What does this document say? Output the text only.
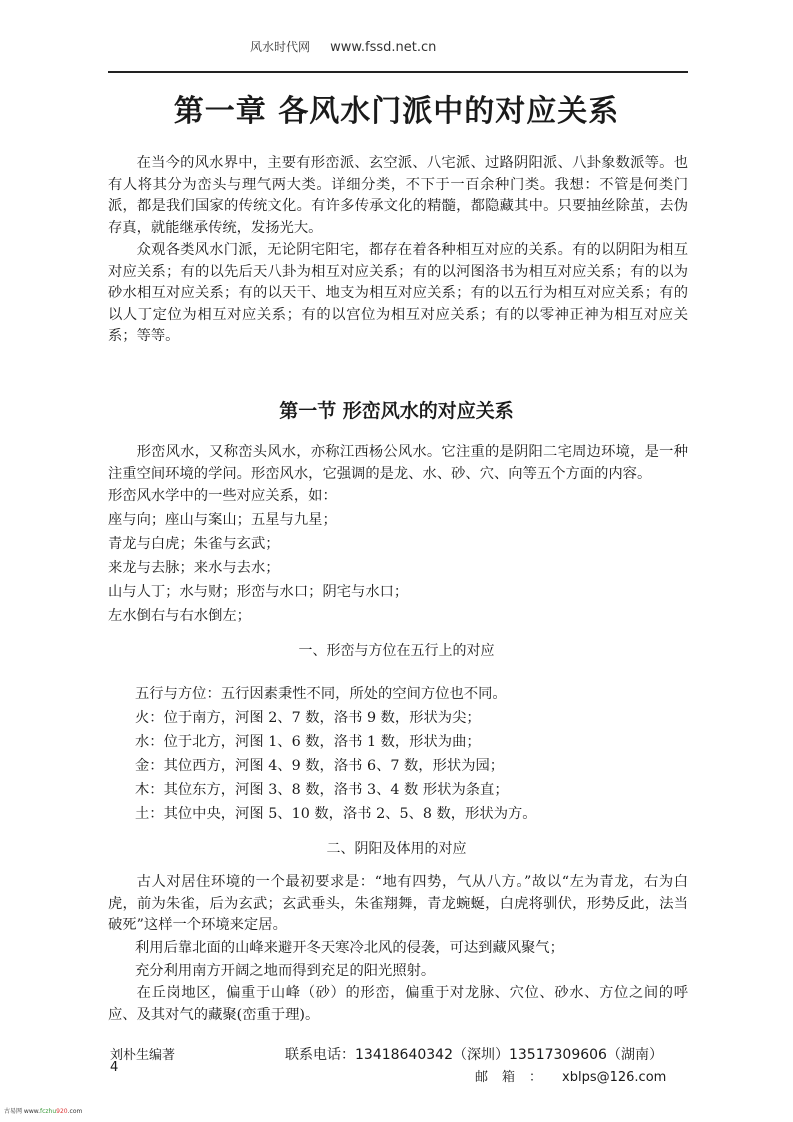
风水时代网 www.fssd.net.cn
第一章 各风水门派中的对应关系
在当今的风水界中，主要有形峦派、玄空派、八宅派、过路阴阳派、八卦象数派等。也有人将其分为峦头与理气两大类。详细分类，不下于一百余种门类。我想：不管是何类门派，都是我们国家的传统文化。有许多传承文化的精髓，都隐藏其中。只要抽丝除茧，去伪存真，就能继承传统，发扬光大。
众观各类风水门派，无论阴宅阳宅，都存在着各种相互对应的关系。有的以阴阳为相互对应关系；有的以先后天八卦为相互对应关系；有的以河图洛书为相互对应关系；有的以为砂水相互对应关系；有的以天干、地支为相互对应关系；有的以五行为相互对应关系；有的以人丁定位为相互对应关系；有的以宫位为相互对应关系；有的以零神正神为相互对应关系；等等。
第一节 形峦风水的对应关系
形峦风水，又称峦头风水，亦称江西杨公风水。它注重的是阴阳二宅周边环境，是一种注重空间环境的学问。形峦风水，它强调的是龙、水、砂、穴、向等五个方面的内容。
形峦风水学中的一些对应关系，如：
座与向；座山与案山；五星与九星；
青龙与白虎；朱雀与玄武；
来龙与去脉；来水与去水；
山与人丁；水与财；形峦与水口；阴宅与水口；
左水倒右与右水倒左；
一、形峦与方位在五行上的对应
五行与方位：五行因素秉性不同，所处的空间方位也不同。
火：位于南方，河图 2、7 数，洛书 9 数，形状为尖；
水：位于北方，河图 1、6 数，洛书 1 数，形状为曲；
金：其位西方，河图 4、9 数，洛书 6、7 数，形状为园；
木：其位东方，河图 3、8 数，洛书 3、4 数 形状为条直；
土：其位中央，河图 5、10 数，洛书 2、5、8 数，形状为方。
二、阴阳及体用的对应
古人对居住环境的一个最初要求是：“地有四势，气从八方。”故以“左为青龙，右为白虎，前为朱雀，后为玄武；玄武垂头，朱雀翔舞，青龙蜿蜒，白虎将驯伏，形势反此，法当破死”这样一个环境来定居。
利用后靠北面的山峰来避开冬天寒冷北风的侵袭，可达到藏风聚气；
充分利用南方开阔之地而得到充足的阳光照射。
在丘岗地区，偏重于山峰（砂）的形峦，偏重于对龙脉、穴位、砂水、方位之间的呼应、及其对气的藏聚(峦重于理)。
刘朴生编著
4
联系电话：13418640342（深圳）13517309606（湖南）
邮箱： xblps@126.com
古易网 www.fczhu920.com
